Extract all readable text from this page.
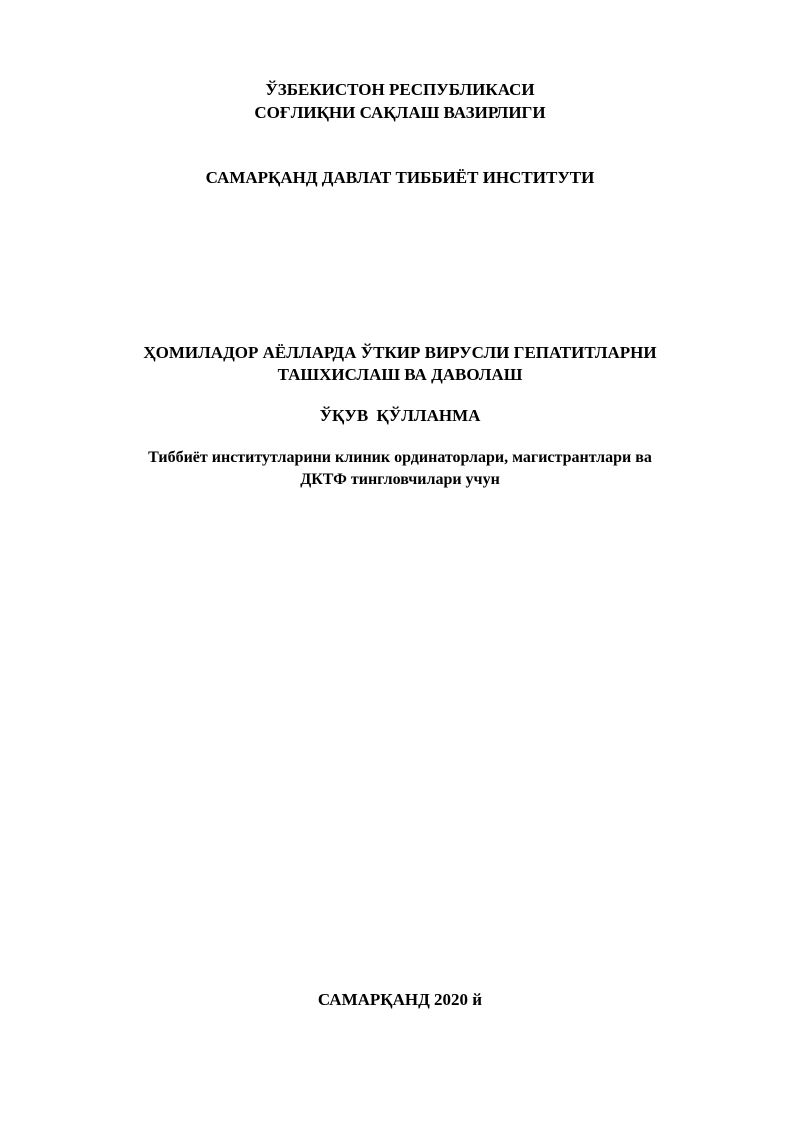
ЎЗБЕКИСТОН РЕСПУБЛИКАСИ
СОҒЛИҚНИ САҚЛАШ ВАЗИРЛИГИ
САМАРҚАНД ДАВЛАТ ТИББИЁТ ИНСТИТУТИ
ҲОМИЛАДОР АЁЛЛАРДА ЎТКИР ВИРУСЛИ ГЕПАТИТЛАРНИ
ТАШХИСЛАШ ВА ДАВОЛАШ
ЎҚУВ ҚЎЛЛАНМА
Тиббиёт институтларини клиник ординаторлари, магистрантлари ва
ДКТФ тингловчилари учун
САМАРҚАНД 2020 й
